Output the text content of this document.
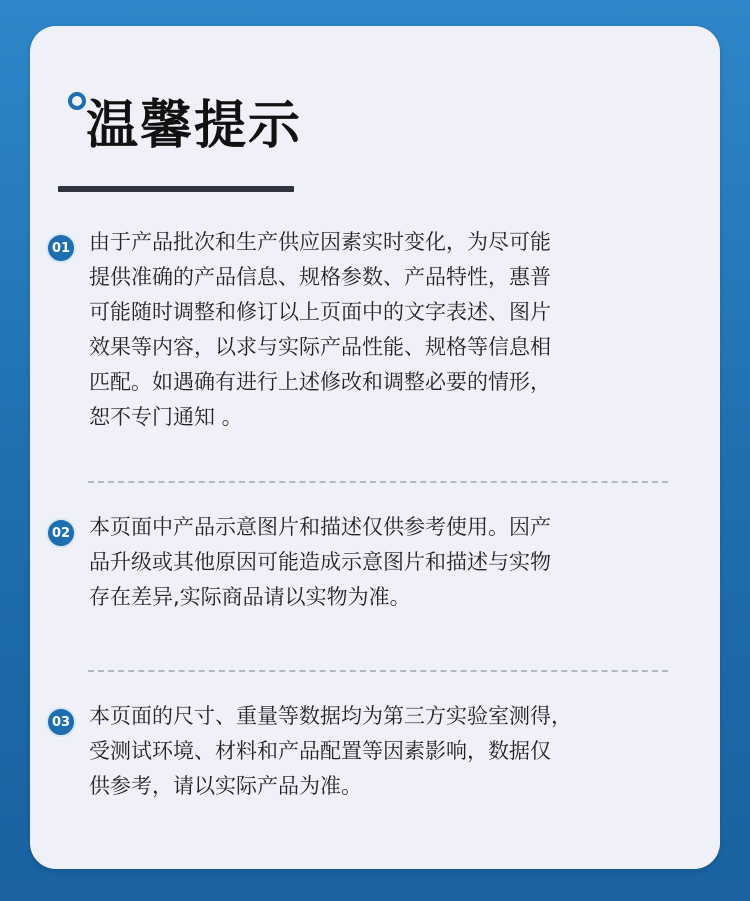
温馨提示
01 由于产品批次和生产供应因素实时变化，为尽可能
提供准确的产品信息、规格参数、产品特性，惠普
可能随时调整和修订以上页面中的文字表述、图片
效果等内容，以求与实际产品性能、规格等信息相
匹配。如遇确有进行上述修改和调整必要的情形，
恕不专门通知 。
02 本页面中产品示意图片和描述仅供参考使用。因产
品升级或其他原因可能造成示意图片和描述与实物
存在差异,实际商品请以实物为准。
03 本页面的尺寸、重量等数据均为第三方实验室测得，
受测试环境、材料和产品配置等因素影响，数据仅
供参考，请以实际产品为准。
